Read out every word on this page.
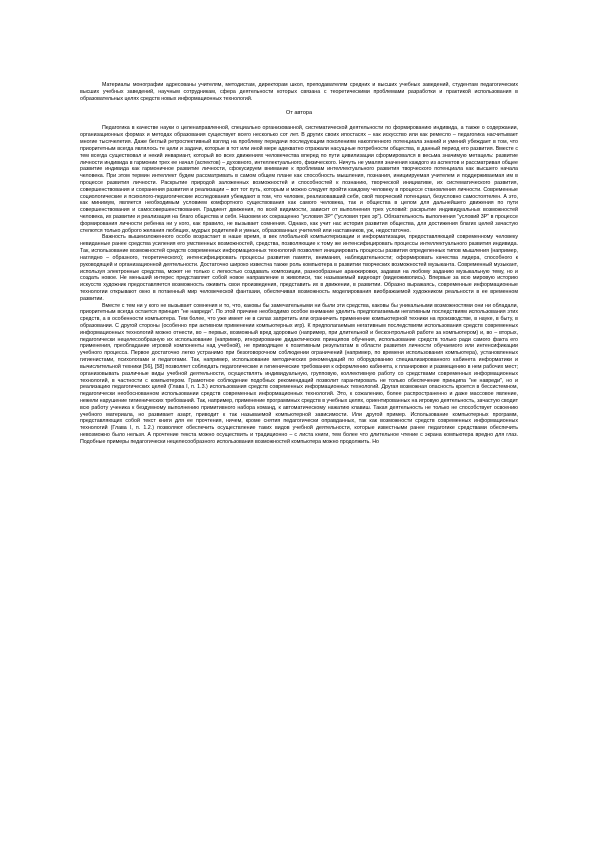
Материалы монографии адресованы учителям, методистам, директорам школ, преподавателям средних и высших учебных заведений, студентам педагогических высших учебных заведений, научным сотрудникам, сфера деятельности которых связана с теоретическими проблемами разработки и практикой использования в образовательных целях средств новых информационных технологий.

От автора

Педагогика в качестве науки о целенаправленной, специально организованной, систематической деятельности по формированию индивида, а также о содержании, организационных формах и методах образования существует всего несколько сот лет. В других своих ипостасях – как искусство или как ремесло – педагогика насчитывает многие тысячелетия. Даже беглый ретроспективный взгляд на проблему передачи последующим поколениям накопленного потенциала знаний и умений убеждает в том, что приоритетным всегда являлось те цели и задачи, которые в тот или иной мере адекватно отражали насущные потребности общества, в данный период его развития. Вместе с тем всегда существовал и некий инвариант, который во всех движениях человечества вперед по пути цивилизации сформировался в весьма значимую метацель: развитие личности индивида в гармонии трех ее начал (аспектов) – духовного, интеллектуального, физического. Ничуть не умаляя значения каждого из аспектов и рассматривая общее развитие индивида как гармоничное развитие личности, сфокусируем внимание к проблемам интеллектуального развития творческого потенциала как высшего начала человека. При этом термин интеллект будем рассматривать в самом общем плане как способность мышления, познания, инициируемая учителем и поддерживаемая им в процессе развития личности. Раскрытие природой заложенных возможностей и способностей к познанию, творческой инициативе, их систематического развития, совершенствования и сохранения развития и реализации – вот тот путь, которым и можно следует пройти каждому человеку в процессе становления личности. Современные социологические и психолого-педагогические исследования убеждают в том, что человек, реализовавший себя, свой творческий потенциал, безусловно самостоятелен. А это, как минимум, является необходимым условием комфортного существования как самого человека, так и общества в целом для дальнейшего движения по пути совершенствования и самосовершенствования. Градиент движения, по всей видимости, зависит от выполнения трех условий: раскрытие индивидуальных возможностей человека, их развитие и реализация на благо общества и себя. Назовем их сокращенно "условия 3Р" ("условия трех эр"). Обязательность выполнения "условий 3Р" в процессе формирования личности ребенка ни у кого, как правило, не вызывает сомнения. Однако, как учит нас история развития общества, для достижения благих целей зачастую стелются только доброго желания любящих, мудрых родителей и умных, образованных учителей или наставников, уж, недостаточно.

Важность вышеизложенного особо возрастает в наше время, в век глобальной компьютеризации и информатизации, предоставляющей современному человеку невиданные ранее средства усиления его умственных возможностей, средства, позволяющие к тому же интенсифицировать процессы интеллектуального развития индивида. Так, использование возможностей средств современных информационных технологий позволяет инициировать процессы развития определенных типов мышления (например, наглядно – образного, теоретического); интенсифицировать процессы развития памяти, внимания, наблюдательности; оформировать качества лидера, способного к руководящей и организационной деятельности. Достаточно широко известна также роль компьютера в развитии творческих возможностей музыканта. Современный музыкант, используя электронные средства, может не только с легкостью создавать композиции, разнообразные аранжировки, задавая на любому заданию музыкальную тему, но и создать новое. Не меньший интерес представляет собой новое направление в живописи, так называемый видеоарт (видеоживопись). Впервые за всю мировую историю искусств художник предоставляется возможность оживить свои произведения, представить их в движении, в развитии. Образно выражаясь, современные информационные технологии открывают окно в потаенный мир человеческой фантазии, обеспечивая возможность моделирования виображаемой художником реальности в ее временном развитии.

Вместе с тем ни у кого не вызывает сомнения и то, что, каковы бы замечательными ни были эти средства, каковы бы уникальными возможностями они ни обладали, приоритетным всегда остается принцип "не навреди". По этой причине необходимо особое внимание уделить предполагаемым негативным последствиям использования этих средств, а в особенности компьютера. Тем более, что уже имеет не в силах запретить или ограничить применение компьютерной техники на производстве, в науке, в быту, в образовании. С другой стороны (особенно при активном применении компьютерных игр). К предполагаемым негативным последствиям использования средств современных информационных технологий можно отнести, во – первых, возможный вред здоровью (например, при длительной и бесконтрольной работе за компьютером) и, во – вторых, педагогически нецелесообразную их использование (например, игнорирование дидактических принципов обучения, использование средств только ради самого факта его применения, преобладание игровой компоненты над учебной), не приводящее к позитивным результатам в области развития личности обучаемого или интенсификации учебного процесса. Первое достаточно легко устранимо при безоговорочном соблюдении ограничений (например, по времени использования компьютера), установленных гигиенистами, психологами и педагогами. Так, например, использование методических рекомендаций по оборудованию специализированного кабинета информатики и вычислительной техники [56], [58] позволяет соблюдать педагогические и гигиенические требования к оформлению кабинета, к планировке и размещению в нем рабочих мест; организовывать различные виды учебной деятельности, осуществлять индивидуальную, групповую, коллективную работу со средствами современных информационных технологий, в частности с компьютером. Грамотное соблюдение подобных рекомендаций позволит гарантировать не только обеспечение принципа "не навреди", но и реализацию педагогических целей (Глава I, п. 1.3.) использования средств современных информационных технологий. Другая возможная опасность кроется в бессистемном, педагогически необоснованном использовании средств современных информационных технологий. Это, к сожалению, более распространенно и даже массовое явление, нежели нарушение гигиенических требований. Так, например, применение программных средств в учебных целях, ориентированных на игровую деятельность, зачастую сводит всю работу ученика к бездумному выполнению примитивного набора команд, к автоматическому нажатию клавиш. Такая деятельность не только не способствует освоению учебного материала, но развивает азарт, приводит к так называемой компьютерной зависимости. Или другой пример. Использование компьютерных программ, представляющих собой текст книги для ее прочтения, ничем, кроме снятия педагогически оправданных, так как возможности средств современных информационных технологий (Глава I, п. 1.2.) позволяют обеспечить осуществление таких видов учебной деятельности, которые известными ранее педагогике средствами обеспечить невозможно было нельзя. А прочтение текста можно осуществить и традиционно – с листа книги, тем более что длительное чтение с экрана компьютера вредно для глаз. Подобные примеры педагогически нецелесообразного использования возможностей компьютера можно продолжить. Но
